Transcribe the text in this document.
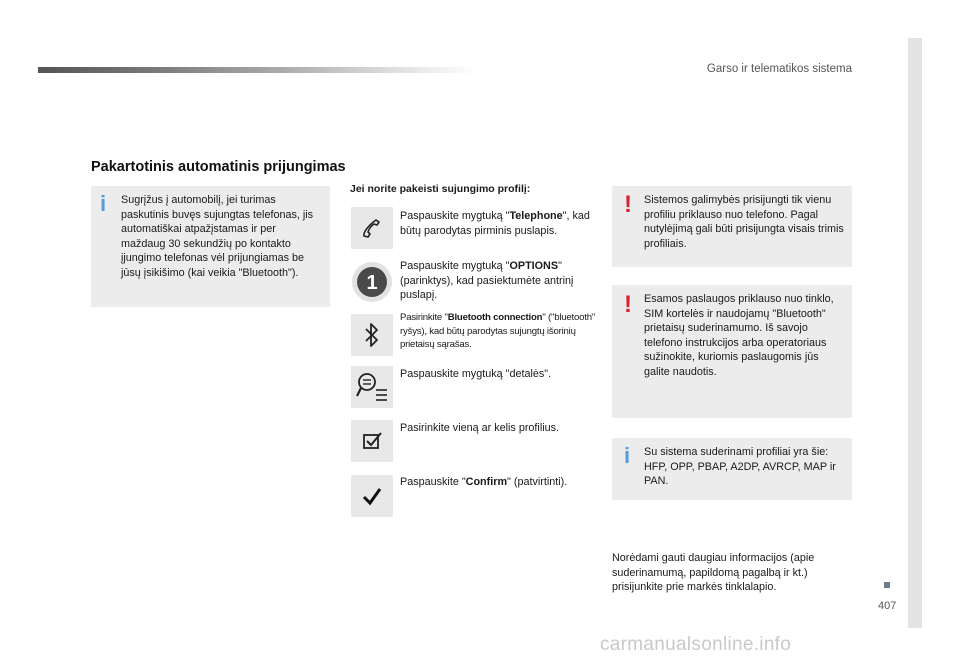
Garso ir telematikos sistema
407
Pakartotinis automatinis prijungimas
i Sugrįžus į automobilį, jei turimas paskutinis buvęs sujungtas telefonas, jis automatiškai atpažįstamas ir per maždaug 30 sekundžių po kontakto įjungimo telefonas vėl prijungiamas be jūsų įsikišimo (kai veikia "Bluetooth").
Jei norite pakeisti sujungimo profilį:
Paspauskite mygtuką "Telephone", kad būtų parodytas pirminis puslapis.
1
Paspauskite mygtuką "OPTIONS" (parinktys), kad pasiektumėte antrinį puslapį.
Pasirinkite "Bluetooth connection" ("bluetooth" ryšys), kad būtų parodytas sujungtų išorinių prietaisų sąrašas.
Paspauskite mygtuką "detalės".
Pasirinkite vieną ar kelis profilius.
Paspauskite "Confirm" (patvirtinti).
! Sistemos galimybės prisijungti tik vienu profiliu priklauso nuo telefono. Pagal nutylėjimą gali būti prisijungta visais trimis profiliais.
! Esamos paslaugos priklauso nuo tinklo, SIM kortelės ir naudojamų "Bluetooth" prietaisų suderinamumo. Iš savojo telefono instrukcijos arba operatoriaus sužinokite, kuriomis paslaugomis jūs galite naudotis.
i Su sistema suderinami profiliai yra šie: HFP, OPP, PBAP, A2DP, AVRCP, MAP ir PAN.
Norėdami gauti daugiau informacijos (apie suderinamumą, papildomą pagalbą ir kt.) prisijunkite prie markės tinklalapio.
carmanualsonline.info
